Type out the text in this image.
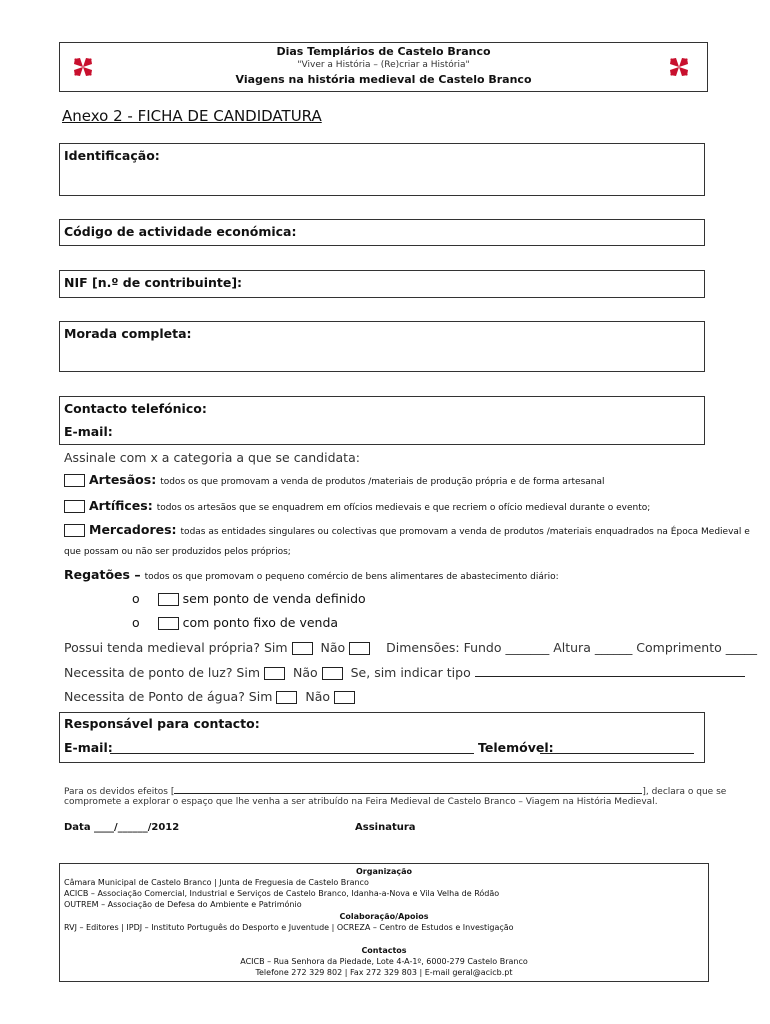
Dias Templários de Castelo Branco
"Viver a História – (Re)criar a História"
Viagens na história medieval de Castelo Branco
Anexo 2 - FICHA DE CANDIDATURA
Identificação:
Código de actividade económica:
NIF [n.º de contribuinte]:
Morada completa:
Contacto telefónico:
E-mail:
Assinale com x a categoria a que se candidata:
Artesãos: todos os que promovam a venda de produtos /materiais de produção própria e de forma artesanal
Artífices: todos os artesãos que se enquadrem em ofícios medievais e que recriem o ofício medieval durante o evento;
Mercadores: todas as entidades singulares ou colectivas que promovam a venda de produtos /materiais enquadrados na Época Medieval e
que possam ou não ser produzidos pelos próprios;
Regatões – todos os que promovam o pequeno comércio de bens alimentares de abastecimento diário:
o	sem ponto de venda definido
o	com ponto fixo de venda
Possui tenda medieval própria? Sim	Não	Dimensões: Fundo _______ Altura ______ Comprimento _____
Necessita de ponto de luz? Sim	Não	Se, sim indicar tipo
Necessita de Ponto de água? Sim	Não
Responsável para contacto:
E-mail:	Telemóvel:
Para os devidos efeitos [	], declara o que se
compromete a explorar o espaço que lhe venha a ser atribuído na Feira Medieval de Castelo Branco – Viagem na História Medieval.
Data ____/______/2012	Assinatura
Organização
Câmara Municipal de Castelo Branco | Junta de Freguesia de Castelo Branco
ACICB – Associação Comercial, Industrial e Serviços de Castelo Branco, Idanha-a-Nova e Vila Velha de Ródão
OUTREM – Associação de Defesa do Ambiente e Património
Colaboração/Apoios
RVJ – Editores | IPDJ – Instituto Português do Desporto e Juventude | OCREZA – Centro de Estudos e Investigação
Contactos
ACICB – Rua Senhora da Piedade, Lote 4-A-1º, 6000-279 Castelo Branco
Telefone 272 329 802 | Fax 272 329 803 | E-mail geral@acicb.pt
